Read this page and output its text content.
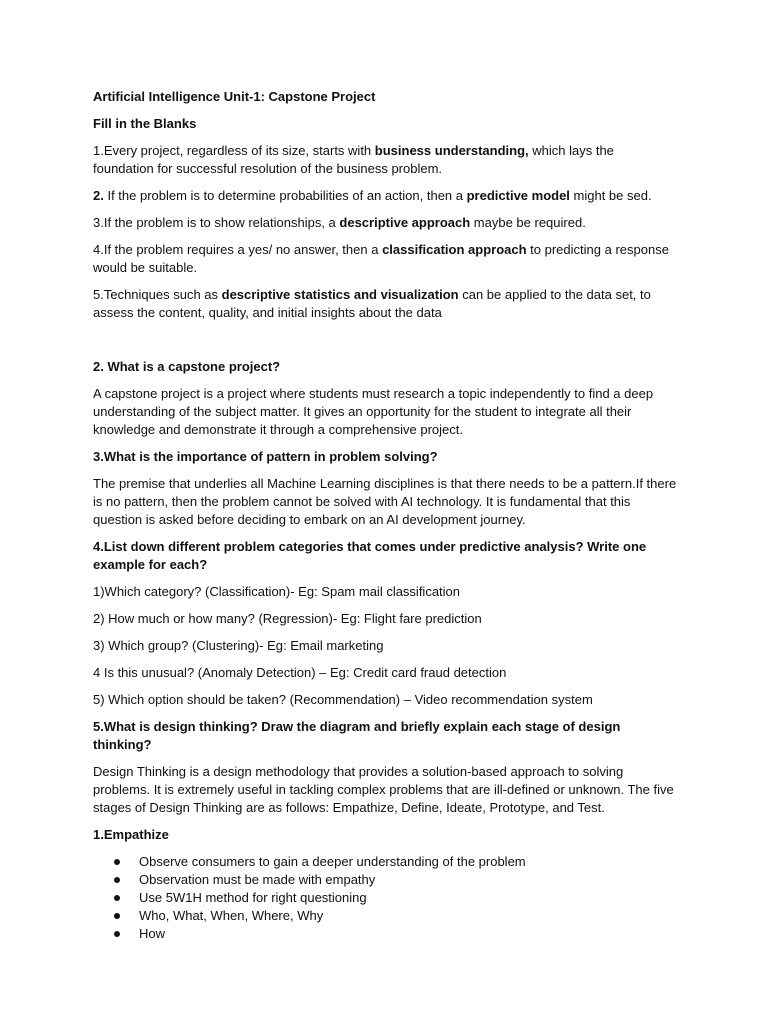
Artificial Intelligence Unit-1: Capstone Project

Fill in the Blanks

1.Every project, regardless of its size, starts with business understanding, which lays the foundation for successful resolution of the business problem.

2. If the problem is to determine probabilities of an action, then a predictive model might be sed.

3.If the problem is to show relationships, a descriptive approach maybe be required.

4.If the problem requires a yes/ no answer, then a classification approach to predicting a response would be suitable.

5.Techniques such as descriptive statistics and visualization can be applied to the data set, to assess the content, quality, and initial insights about the data

2. What is a capstone project?

A capstone project is a project where students must research a topic independently to find a deep understanding of the subject matter. It gives an opportunity for the student to integrate all their knowledge and demonstrate it through a comprehensive project.

3.What is the importance of pattern in problem solving?

The premise that underlies all Machine Learning disciplines is that there needs to be a pattern.If there is no pattern, then the problem cannot be solved with AI technology. It is fundamental that this question is asked before deciding to embark on an AI development journey.

4.List down different problem categories that comes under predictive analysis? Write one example for each?

1)Which category? (Classification)- Eg: Spam mail classification

2) How much or how many? (Regression)- Eg: Flight fare prediction

3) Which group? (Clustering)- Eg: Email marketing

4 Is this unusual? (Anomaly Detection) – Eg: Credit card fraud detection

5) Which option should be taken? (Recommendation) – Video recommendation system

5.What is design thinking? Draw the diagram and briefly explain each stage of design thinking?

Design Thinking is a design methodology that provides a solution-based approach to solving problems. It is extremely useful in tackling complex problems that are ill-defined or unknown. The five stages of Design Thinking are as follows: Empathize, Define, Ideate, Prototype, and Test.

1.Empathize

Observe consumers to gain a deeper understanding of the problem
Observation must be made with empathy
Use 5W1H method for right questioning
Who, What, When, Where, Why
How
